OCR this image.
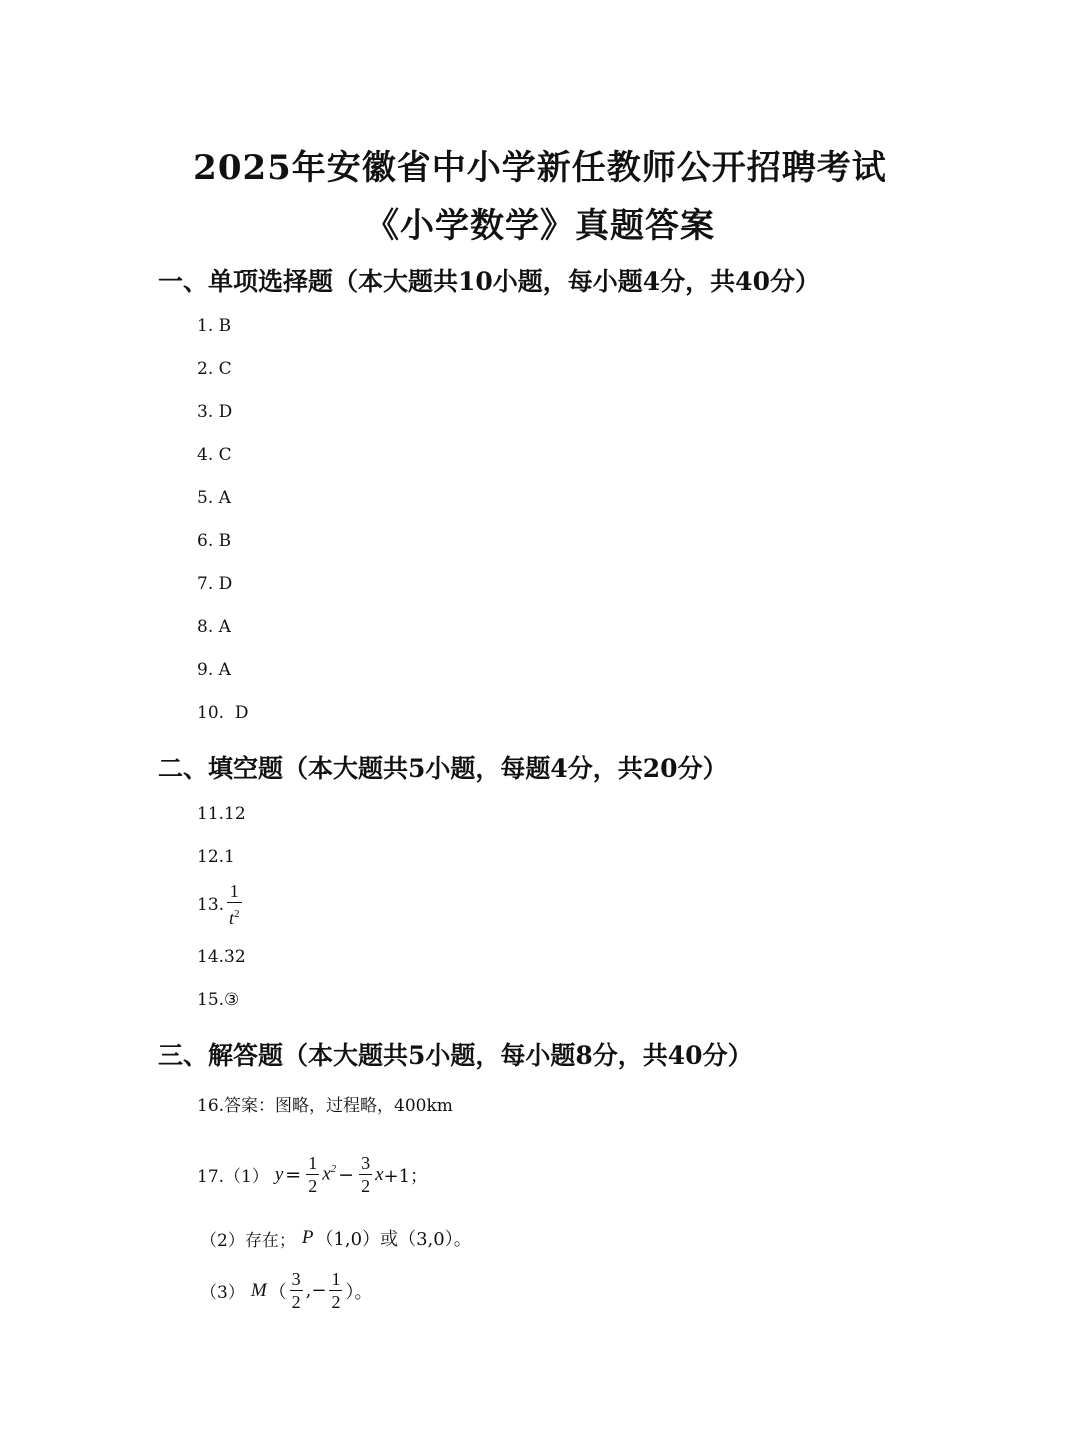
2025年安徽省中小学新任教师公开招聘考试
《小学数学》真题答案
一、单项选择题（本大题共10小题，每小题4分，共40分）
1. B
2. C
3. D
4. C
5. A
6. B
7. D
8. A
9. A
10.  D
二、填空题（本大题共5小题，每题4分，共20分）
11.12
12.1
13. $\frac{1}{t^2}$
14.32
15.③
三、解答题（本大题共5小题，每小题8分，共40分）
16.答案：图略，过程略，400km
17.（1） $y = \frac{1}{2} x^2 - \frac{3}{2}$ x +1；
（2）存在； P （1,0）或（3,0）。
（3） M （ $\frac{3}{2}$ ,− $\frac{1}{2}$ ）。
